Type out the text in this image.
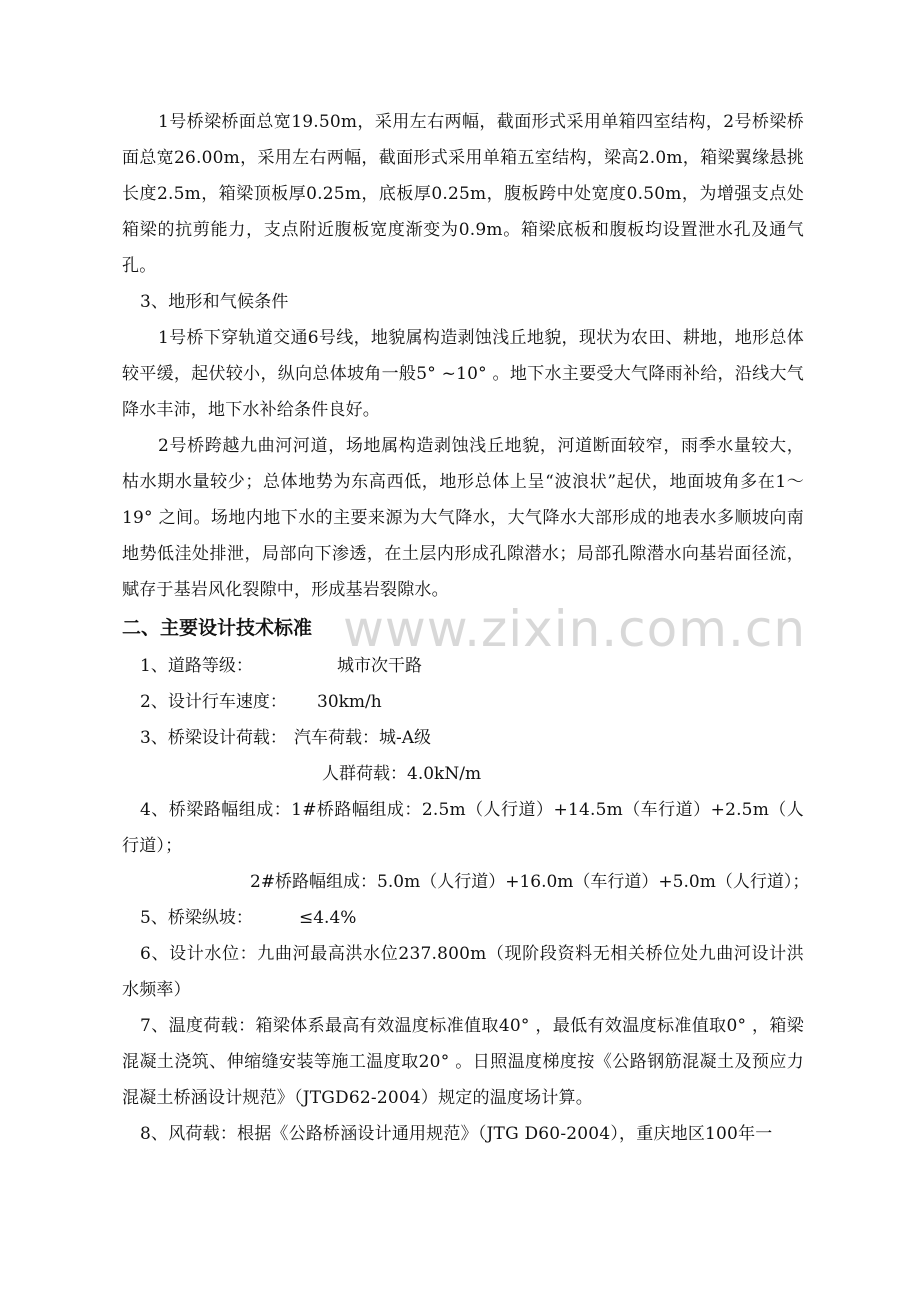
1号桥梁桥面总宽19.50m，采用左右两幅，截面形式采用单箱四室结构，2号桥梁桥面总宽26.00m，采用左右两幅，截面形式采用单箱五室结构，梁高2.0m，箱梁翼缘悬挑长度2.5m，箱梁顶板厚0.25m，底板厚0.25m，腹板跨中处宽度0.50m，为增强支点处箱梁的抗剪能力，支点附近腹板宽度渐变为0.9m。箱梁底板和腹板均设置泄水孔及通气孔。

3、地形和气候条件

1号桥下穿轨道交通6号线，地貌属构造剥蚀浅丘地貌，现状为农田、耕地，地形总体较平缓，起伏较小，纵向总体坡角一般5° ~10° 。地下水主要受大气降雨补给，沿线大气降水丰沛，地下水补给条件良好。

2号桥跨越九曲河河道，场地属构造剥蚀浅丘地貌，河道断面较窄，雨季水量较大，枯水期水量较少；总体地势为东高西低，地形总体上呈“波浪状”起伏，地面坡角多在1～19° 之间。场地内地下水的主要来源为大气降水，大气降水大部形成的地表水多顺坡向南地势低洼处排泄，局部向下渗透，在土层内形成孔隙潜水；局部孔隙潜水向基岩面径流，赋存于基岩风化裂隙中，形成基岩裂隙水。

二、主要设计技术标准

1、道路等级：	城市次干路

2、设计行车速度： 30km/h

3、桥梁设计荷载： 汽车荷载：城-A级

人群荷载：4.0kN/m

4、桥梁路幅组成：1#桥路幅组成：2.5m（人行道）+14.5m（车行道）+2.5m（人行道）；

2#桥路幅组成：5.0m（人行道）+16.0m（车行道）+5.0m（人行道）；

5、桥梁纵坡：	≤4.4%

6、设计水位：九曲河最高洪水位237.800m（现阶段资料无相关桥位处九曲河设计洪水频率）

7、温度荷载：箱梁体系最高有效温度标准值取40° ，最低有效温度标准值取0° ，箱梁混凝土浇筑、伸缩缝安装等施工温度取20° 。日照温度梯度按《公路钢筋混凝土及预应力混凝土桥涵设计规范》（JTGD62-2004）规定的温度场计算。

8、风荷载：根据《公路桥涵设计通用规范》（JTG D60-2004），重庆地区100年一

www.zixin.com.cn
